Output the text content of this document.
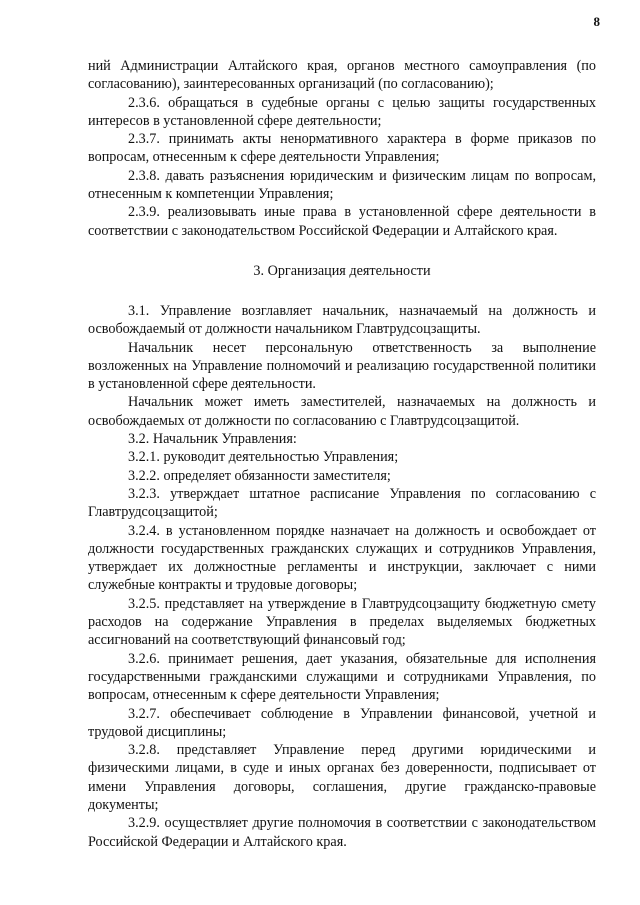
8

ний Администрации Алтайского края, органов местного самоуправления (по согласованию), заинтересованных организаций (по согласованию);

2.3.6. обращаться в судебные органы с целью защиты государственных интересов в установленной сфере деятельности;

2.3.7. принимать акты ненормативного характера в форме приказов по вопросам, отнесенным к сфере деятельности Управления;

2.3.8. давать разъяснения юридическим и физическим лицам по вопросам, отнесенным к компетенции Управления;

2.3.9. реализовывать иные права в установленной сфере деятельности в соответствии с законодательством Российской Федерации и Алтайского края.

3. Организация деятельности

3.1. Управление возглавляет начальник, назначаемый на должность и освобождаемый от должности начальником Главтрудсоцзащиты.

Начальник несет персональную ответственность за выполнение возложенных на Управление полномочий и реализацию государственной политики в установленной сфере деятельности.

Начальник может иметь заместителей, назначаемых на должность и освобождаемых от должности по согласованию с Главтрудсоцзащитой.

3.2. Начальник Управления:

3.2.1. руководит деятельностью Управления;

3.2.2. определяет обязанности заместителя;

3.2.3. утверждает штатное расписание Управления по согласованию с Главтрудсоцзащитой;

3.2.4. в установленном порядке назначает на должность и освобождает от должности государственных гражданских служащих и сотрудников Управления, утверждает их должностные регламенты и инструкции, заключает с ними служебные контракты и трудовые договоры;

3.2.5. представляет на утверждение в Главтрудсоцзащиту бюджетную смету расходов на содержание Управления в пределах выделяемых бюджетных ассигнований на соответствующий финансовый год;

3.2.6. принимает решения, дает указания, обязательные для исполнения государственными гражданскими служащими и сотрудниками Управления, по вопросам, отнесенным к сфере деятельности Управления;

3.2.7. обеспечивает соблюдение в Управлении финансовой, учетной и трудовой дисциплины;

3.2.8. представляет Управление перед другими юридическими и физическими лицами, в суде и иных органах без доверенности, подписывает от имени Управления договоры, соглашения, другие гражданско-правовые документы;

3.2.9. осуществляет другие полномочия в соответствии с законодательством Российской Федерации и Алтайского края.
